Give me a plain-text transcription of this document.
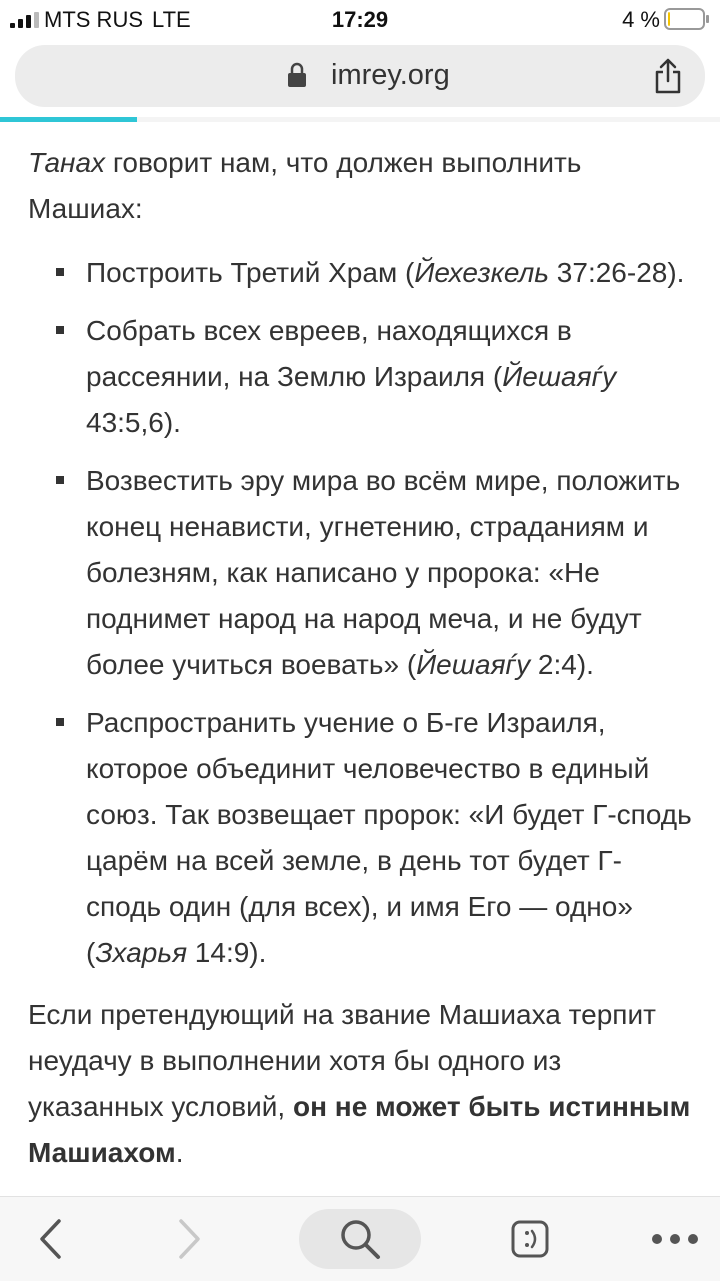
MTS RUS LTE	17:29	4 %
imrey.org

Танах говорит нам, что должен выполнить Машиах:

Построить Третий Храм (Йехезкель 37:26-28).
Собрать всех евреев, находящихся в рассеянии, на Землю Израиля (Йешаяѓу 43:5,6).
Возвестить эру мира во всём мире, положить конец ненависти, угнетению, страданиям и болезням, как написано у пророка: «Не поднимет народ на народ меча, и не будут более учиться воевать» (Йешаяѓу 2:4).
Распространить учение о Б-ге Израиля, которое объединит человечество в единый союз. Так возвещает пророк: «И будет Г-сподь царём на всей земле, в день тот будет Г-сподь один (для всех), и имя Его — одно» (Зхарья 14:9).

Если претендующий на звание Машиаха терпит неудачу в выполнении хотя бы одного из указанных условий, он не может быть истинным Машиахом.
